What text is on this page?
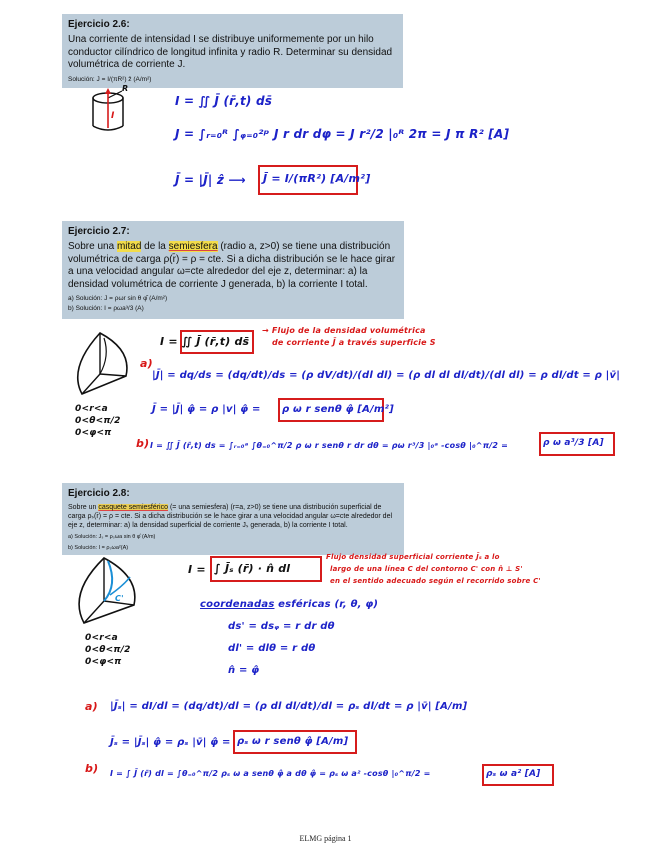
Ejercicio 2.6:

Una corriente de intensidad I se distribuye uniformemente por un hilo conductor cilíndrico de longitud infinita y radio R. Determinar su densidad volumétrica de corriente J.

Solución: J = I/(πR²) ẑ (A/m²)
R
I
I = ∬ J̄ (r̄,t) ds̄
J = ∫ᵣ₌₀ᴿ ∫ᵩ₌₀²ᵖ J r dr dφ = J r²/2 |₀ᴿ 2π = J π R² [A]
J̄ = |J̄| ẑ ⟶ J̄ = I/(πR²) [A/m²]
Ejercicio 2.7:

Sobre una mitad de la semiesfera (radio a, z>0) se tiene una distribución volumétrica de carga ρ(r̄) = ρ = cte. Si a dicha distribución se le hace girar a una velocidad angular ω=cte alrededor del eje z, determinar: a) la densidad volumétrica de corriente J generada, b) la corriente I total.

a) Solución: J = ρωr sin θ φ̂ (A/m²)
b) Solución: I = ρωa³/3 (A)
I = ∬ J̄ (r̄,t) ds̄
→ Flujo de la densidad volumétrica
de corriente J̄ a través superficie S
0<r<a
0<θ<π/2
0<φ<π
a)
|J̄| = dq/ds = (dq/dt)/ds = (ρ dV/dt)/(dl dl) = (ρ dl dl dl/dt)/(dl dl) = ρ dl/dt = ρ |v̄|
J̄ = |J̄| φ̂ = ρ |v| φ̂ = ρ ω r senθ φ̂ [A/m²]
b) I = ∬ J̄ (r̄,t) ds = ∫ᵣ₌₀ᵃ ∫θ₌₀^π/2 ρ ω r senθ r dr dθ = ρω r³/3 |₀ᵃ -cosθ |₀^π/2 =	ρ ω a³/3 [A]
Ejercicio 2.8:

Sobre un casquete semiesférico (= una semiesfera) (r=a, z>0) se tiene una distribución superficial de carga ρₛ(r̄) = ρ = cte. Si a dicha distribución se le hace girar a una velocidad angular ω=cte alrededor del eje z, determinar: a) la densidad superficial de corriente Jₛ generada, b) la corriente I total.

a) Solución: Jₛ = ρₛωa sin θ φ̂ (A/m)
b) Solución: I = ρₛωa²(A)
C'
0<r<a
0<θ<π/2
0<φ<π
I = ∫ J̄ₛ (r̄) · n̂ dl
Flujo densidad superficial corriente J̄ₛ a lo
largo de una línea C del contorno C' con n̂ ⊥ S'
en el sentido adecuado según el recorrido sobre C'
coordenadas esféricas (r, θ, φ)
ds' = dsᵩ = r dr dθ
dl' = dlθ = r dθ
n̂ = φ̂
a) |J̄ₛ| = dI/dl = (dq/dt)/dl = (ρ dl dl/dt)/dl = ρₛ dl/dt = ρ |v̄| [A/m]
J̄ₛ = |J̄ₛ| φ̂ = ρₛ |v̄| φ̂ = ρₛ ω r senθ φ̂ [A/m]
b) I = ∫ J̄ (r̄) dl = ∫θ₌₀^π/2 ρₛ ω a senθ φ̂ a dθ φ̂ = ρₛ ω a² -cosθ |₀^π/2 =	ρₛ ω a² [A]
ELMG página 1
